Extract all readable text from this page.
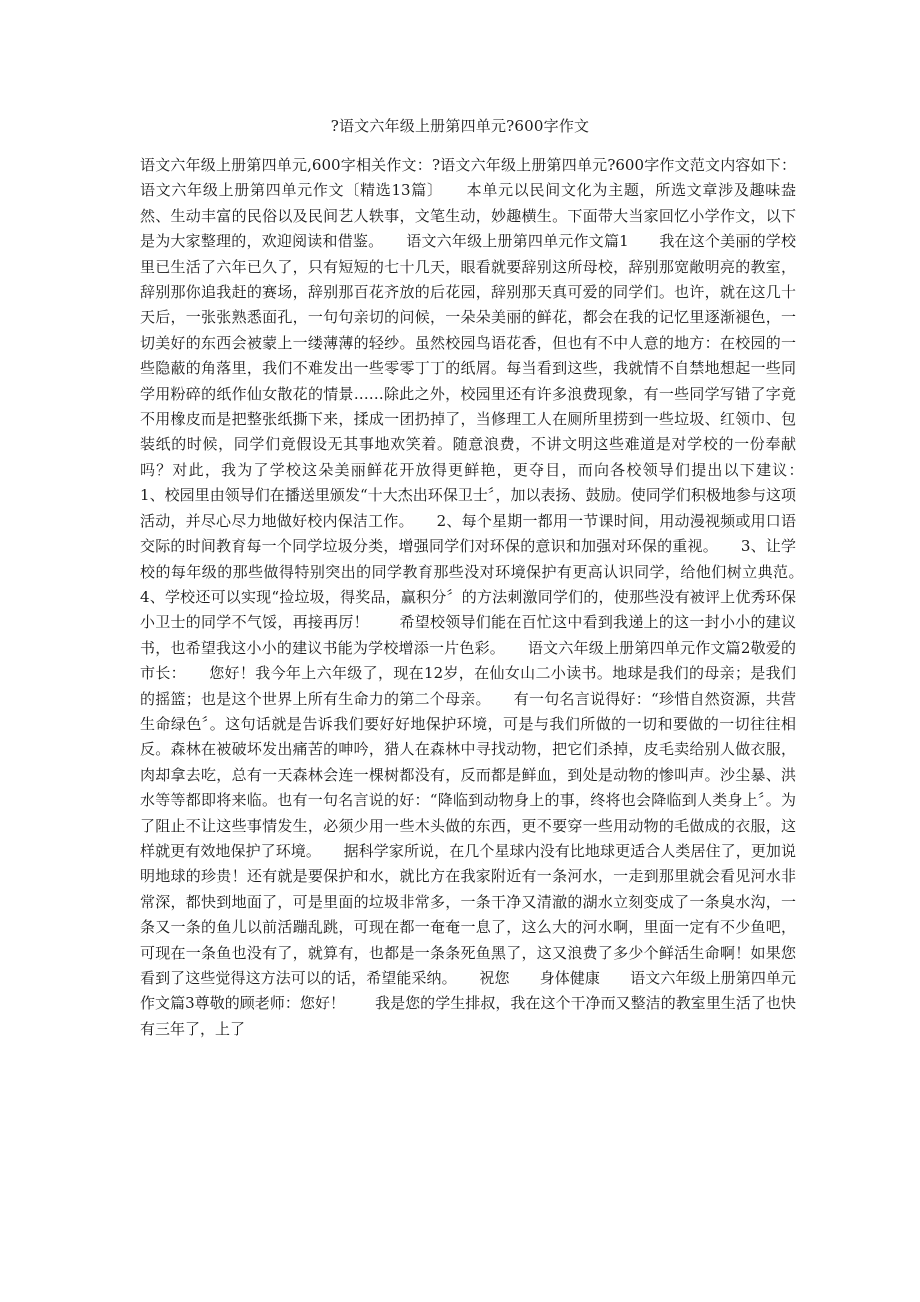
?语文六年级上册第四单元?600字作文
语文六年级上册第四单元,600字相关作文：?语文六年级上册第四单元?600字作文范文内容如下：语文六年级上册第四单元作文〔精选13篇〕　　本单元以民间文化为主题，所选文章涉及趣味盎然、生动丰富的民俗以及民间艺人轶事，文笔生动，妙趣横生。下面带大当家回忆小学作文，以下是为大家整理的，欢迎阅读和借鉴。　　语文六年级上册第四单元作文篇1　　我在这个美丽的学校里已生活了六年已久了，只有短短的七十几天，眼看就要辞别这所母校，辞别那宽敞明亮的教室，辞别那你追我赶的赛场，辞别那百花齐放的后花园，辞别那天真可爱的同学们。也许，就在这几十天后，一张张熟悉面孔，一句句亲切的问候，一朵朵美丽的鲜花，都会在我的记忆里逐渐褪色，一切美好的东西会被蒙上一缕薄薄的轻纱。虽然校园鸟语花香，但也有不中人意的地方：在校园的一些隐蔽的角落里，我们不难发出一些零零丁丁的纸屑。每当看到这些，我就情不自禁地想起一些同学用粉碎的纸作仙女散花的情景……除此之外，校园里还有许多浪费现象，有一些同学写错了字竟不用橡皮而是把整张纸撕下来，揉成一团扔掉了，当修理工人在厕所里捞到一些垃圾、红领巾、包装纸的时候，同学们竟假设无其事地欢笑着。随意浪费，不讲文明这些难道是对学校的一份奉献吗？对此，我为了学校这朵美丽鲜花开放得更鲜艳，更夺目，而向各校领导们提出以下建议：　　1、校园里由领导们在播送里颁发“十大杰出环保卫士〞，加以表扬、鼓励。使同学们积极地参与这项活动，并尽心尽力地做好校内保洁工作。　　2、每个星期一都用一节课时间，用动漫视频或用口语交际的时间教育每一个同学垃圾分类，增强同学们对环保的意识和加强对环保的重视。　　3、让学校的每年级的那些做得特别突出的同学教育那些没对环境保护有更高认识同学，给他们树立典范。　　4、学校还可以实现“捡垃圾，得奖品，赢积分〞的方法刺激同学们的，使那些没有被评上优秀环保小卫士的同学不气馁，再接再厉！　　希望校领导们能在百忙这中看到我递上的这一封小小的建议书，也希望我这小小的建议书能为学校增添一片色彩。　　语文六年级上册第四单元作文篇2敬爱的市长：　　您好！我今年上六年级了，现在12岁，在仙女山二小读书。地球是我们的母亲；是我们的摇篮；也是这个世界上所有生命力的第二个母亲。　　有一句名言说得好：“珍惜自然资源，共营生命绿色〞。这句话就是告诉我们要好好地保护环境，可是与我们所做的一切和要做的一切往往相反。森林在被破坏发出痛苦的呻吟，猎人在森林中寻找动物，把它们杀掉，皮毛卖给别人做衣服，肉却拿去吃，总有一天森林会连一棵树都没有，反而都是鲜血，到处是动物的惨叫声。沙尘暴、洪水等等都即将来临。也有一句名言说的好：“降临到动物身上的事，终将也会降临到人类身上〞。为了阻止不让这些事情发生，必须少用一些木头做的东西，更不要穿一些用动物的毛做成的衣服，这样就更有效地保护了环境。　　据科学家所说，在几个星球内没有比地球更适合人类居住了，更加说明地球的珍贵！还有就是要保护和水，就比方在我家附近有一条河水，一走到那里就会看见河水非常深，都快到地面了，可是里面的垃圾非常多，一条干净又清澈的湖水立刻变成了一条臭水沟，一条又一条的鱼儿以前活蹦乱跳，可现在都一奄奄一息了，这么大的河水啊，里面一定有不少鱼吧，可现在一条鱼也没有了，就算有，也都是一条条死鱼黑了，这又浪费了多少个鲜活生命啊！如果您看到了这些觉得这方法可以的话，希望能采纳。　　祝您　　身体健康　　语文六年级上册第四单元作文篇3尊敬的顾老师：您好！　　我是您的学生排叔，我在这个干净而又整洁的教室里生活了也快有三年了，上了
